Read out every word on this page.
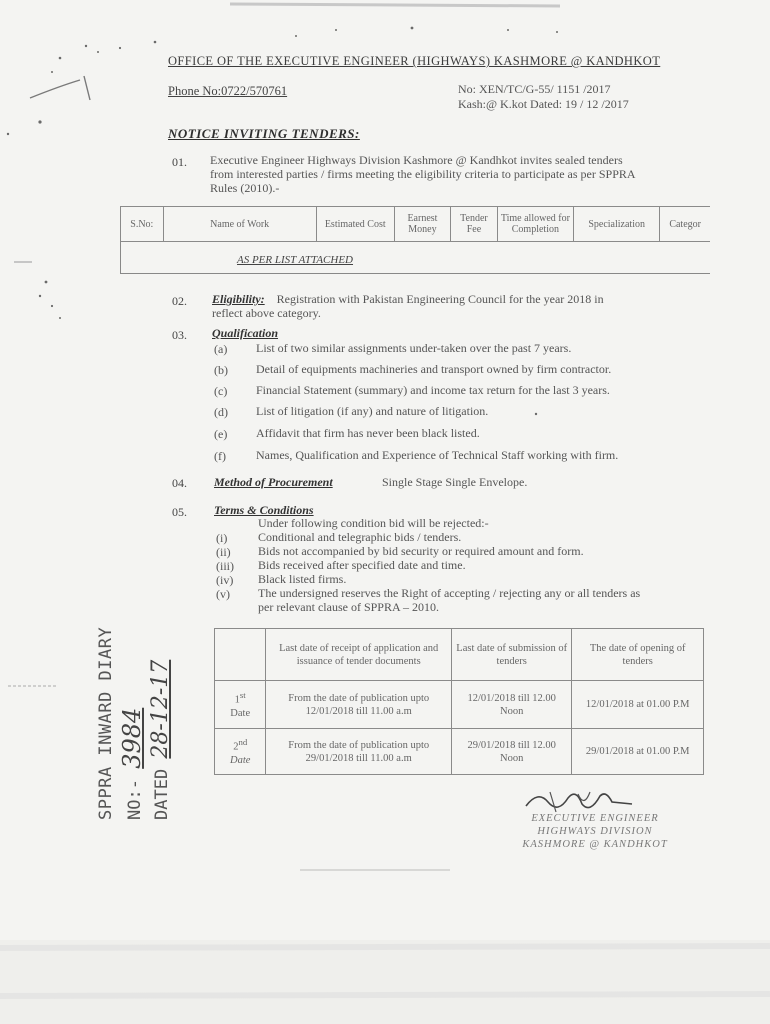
OFFICE OF THE EXECUTIVE ENGINEER (HIGHWAYS) KASHMORE @ KANDHKOT
Phone No:0722/570761	No: XEN/TC/G-55/ 1151 /2017
Kash:@ K.kot Dated: 19 / 12 /2017
NOTICE INVITING TENDERS:
01. Executive Engineer Highways Division Kashmore @ Kandhkot invites sealed tenders
from interested parties / firms meeting the eligibility criteria to participate as per SPPRA
Rules (2010).-
S.No:	Name of Work	Estimated Cost	Earnest Money	Tender Fee	Time allowed for Completion	Specialization	Categor
AS PER LIST ATTACHED
02. Eligibility: Registration with Pakistan Engineering Council for the year 2018 in
reflect above category.
03. Qualification
(a) List of two similar assignments under-taken over the past 7 years.
(b) Detail of equipments machineries and transport owned by firm contractor.
(c) Financial Statement (summary) and income tax return for the last 3 years.
(d) List of litigation (if any) and nature of litigation.
(e) Affidavit that firm has never been black listed.
(f)	Names, Qualification and Experience of Technical Staff working with firm.
04. Method of Procurement	Single Stage Single Envelope.
05. Terms & Conditions
Under following condition bid will be rejected:-
(i)	Conditional and telegraphic bids / tenders.
(ii) Bids not accompanied by bid security or required amount and form.
(iii) Bids received after specified date and time.
(iv) Black listed firms.
(v) The undersigned reserves the Right of accepting / rejecting any or all tenders as
per relevant clause of SPPRA – 2010.
	Last date of receipt of application and issuance of tender documents	Last date of submission of tenders	The date of opening of tenders
1st
Date	From the date of publication upto 12/01/2018 till 11.00 a.m	12/01/2018 till 12.00 Noon	12/01/2018 at 01.00 P.M
2nd
Date	From the date of publication upto 29/01/2018 till 11.00 a.m	29/01/2018 till 12.00 Noon	29/01/2018 at 01.00 P.M
SPPRA INWARD DIARY NO:- 3984
DATED 28-12-17
EXECUTIVE ENGINEER
HIGHWAYS DIVISION
KASHMORE @ KANDHKOT
